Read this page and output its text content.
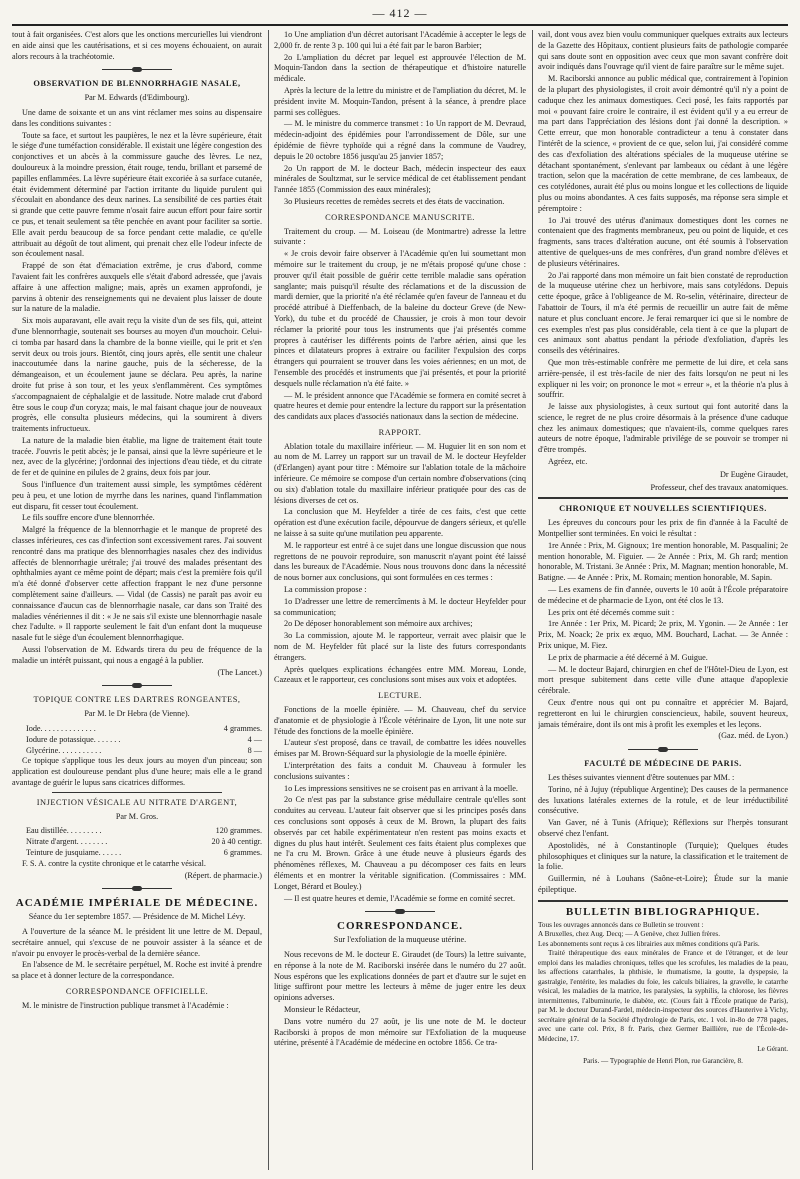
— 412 —

tout à fait organisées. C'est alors que les onctions mercurielles lui viendront en aide ainsi que les cautérisations, et si ces moyens échouaient, on aurait alors recours à la trachéotomie.

OBSERVATION DE BLENNORRHAGIE NASALE,
Par M. Edwards (d'Edimbourg).

Une dame de soixante et un ans vint réclamer mes soins au dispensaire dans les conditions suivantes :

Toute sa face, et surtout les paupières, le nez et la lèvre supérieure, était le siége d'une tuméfaction considérable. Il existait une légère congestion des conjonctives et un abcès à la commissure gauche des lèvres. Le nez, douloureux à la moindre pression, était rouge, tendu, brillant et parsemé de papilles enflammées. La lèvre supérieure était excoriée à sa surface cutanée, était évidemment déterminé par l'action irritante du liquide purulent qui s'écoulait en abondance des deux narines. La sensibilité de ces parties était si grande que cette pauvre femme n'osait faire aucun effort pour faire sortir ce pus, et tenait seulement sa tête penchée en avant pour faciliter sa sortie. Elle avait perdu beaucoup de sa force pendant cette maladie, ce qu'elle attribuait au dégoût de tout aliment, qui prenait chez elle l'odeur infecte de son écoulement nasal.

Frappé de son état d'émaciation extrême, je crus d'abord, comme l'avaient fait les confrères auxquels elle s'était d'abord adressée, que j'avais affaire à une affection maligne; mais, après un examen approfondi, je parvins à obtenir des renseignements qui ne devaient plus laisser de doute sur la nature de la maladie.

Six mois auparavant, elle avait reçu la visite d'un de ses fils, qui, atteint d'une blennorrhagie, soutenait ses bourses au moyen d'un mouchoir. Celui-ci tomba par hasard dans la chambre de la bonne vieille, qui le prit et s'en servit deux ou trois jours. Bientôt, cinq jours après, elle sentit une chaleur inaccoutumée dans la narine gauche, puis de la sécheresse, de la démangeaison, et un écoulement jaune se déclara. Peu après, la narine droite fut prise à son tour, et les yeux s'enflammèrent. Ces symptômes s'accompagnaient de céphalalgie et de lassitude. Notre malade crut d'abord être sous le coup d'un coryza; mais, le mal faisant chaque jour de nouveaux progrès, elle consulta plusieurs médecins, qui la soumirent à divers traitements infructueux.

La nature de la maladie bien établie, ma ligne de traitement était toute tracée. J'ouvris le petit abcès; je le pansai, ainsi que la lèvre supérieure et le nez, avec de la glycérine; j'ordonnai des injections d'eau tiède, et du citrate de fer et de quinine en pilules de 2 grains, deux fois par jour.

Sous l'influence d'un traitement aussi simple, les symptômes cédèrent peu à peu, et une lotion de myrrhe dans les narines, quand l'inflammation eut disparu, fit cesser tout écoulement.

Le fils souffre encore d'une blennorrhée.

Malgré la fréquence de la blennorrhagie et le manque de propreté des classes inférieures, ces cas d'infection sont excessivement rares. J'ai souvent rencontré dans ma pratique des blennorrhagies nasales chez des individus affectés de blennorrhagie urétrale; j'ai trouvé des malades présentant des ophthalmies ayant ce même point de départ; mais c'est la première fois qu'il m'a été donné d'observer cette affection frappant le nez d'une personne complètement saine d'ailleurs. — Vidal (de Cassis) ne paraît pas avoir eu connaissance d'aucun cas de blennorrhagie nasale, car dans son Traité des maladies vénériennes il dit : « Je ne sais s'il existe une blennorrhagie nasale chez l'adulte. » Il rapporte seulement le fait d'un enfant dont la muqueuse nasale fut le siège d'un écoulement blennorrhagique.

Aussi l'observation de M. Edwards tirera du peu de fréquence de la maladie un intérêt puissant, qui nous a engagé à la publier.

(The Lancet.)
TOPIQUE CONTRE LES DARTRES RONGEANTES,
Par M. le Dr Hebra (de Vienne).
Iode. . . . . . . . . . . . . .	4 grammes.
Iodure de potassique. . . . . . .	4 —
Glycérine. . . . . . . . . . .	8 —

Ce topique s'applique tous les deux jours au moyen d'un pinceau; son application est douloureuse pendant plus d'une heure; mais elle a le grand avantage de guérir le lupus sans cicatrices difformes.

INJECTION VÉSICALE AU NITRATE D'ARGENT,
Par M. Gros.
Eau distillée. . . . . . . . .	120 grammes.
Nitrate d'argent. . . . . . . .	20 à 40 centigr.
Teinture de jusquiame. . . . . .	6 grammes.

F. S. A. contre la cystite chronique et le catarrhe vésical.

(Répert. de pharmacie.)
ACADÉMIE IMPÉRIALE DE MÉDECINE.
Séance du 1er septembre 1857. — Présidence de M. Michel Lévy.

A l'ouverture de la séance M. le président lit une lettre de M. Depaul, secrétaire annuel, qui s'excuse de ne pouvoir assister à la séance et de n'avoir pu envoyer le procès-verbal de la dernière séance.

En l'absence de M. le secrétaire perpétuel, M. Roche est invité à prendre sa place et à donner lecture de la correspondance.

CORRESPONDANCE OFFICIELLE.

M. le ministre de l'instruction publique transmet à l'Académie :

1o Une ampliation d'un décret autorisant l'Académie à accepter le legs de 2,000 fr. de rente 3 p. 100 qui lui a été fait par le baron Barbier;

2o L'ampliation du décret par lequel est approuvée l'élection de M. Moquin-Tandon dans la section de thérapeutique et d'histoire naturelle médicale.

Après la lecture de la lettre du ministre et de l'ampliation du décret, M. le président invite M. Moquin-Tandon, présent à la séance, à prendre place parmi ses collègues.

— M. le ministre du commerce transmet : 1o Un rapport de M. Devraud, médecin-adjoint des épidémies pour l'arrondissement de Dôle, sur une épidémie de fièvre typhoïde qui a régné dans la commune de Vaudrey, depuis le 20 octobre 1856 jusqu'au 25 janvier 1857;

2o Un rapport de M. le docteur Bach, médecin inspecteur des eaux minérales de Soultzmat, sur le service médical de cet établissement pendant l'année 1855 (Commission des eaux minérales);

3o Plusieurs recettes de remèdes secrets et des états de vaccination.

CORRESPONDANCE MANUSCRITE.

Traitement du croup. — M. Loiseau (de Montmartre) adresse la lettre suivante :

« Je crois devoir faire observer à l'Académie qu'en lui soumettant mon mémoire sur le traitement du croup, je ne m'étais proposé qu'une chose : prouver qu'il était possible de guérir cette terrible maladie sans opération sanglante; mais puisqu'il résulte des réclamations et de la discussion de mardi dernier, que la priorité n'a été réclamée qu'en faveur de l'anneau et du procédé attribué à Dieffenbach, de la baleine du docteur Greve (de New-York), du tube et du procédé de Chaussier, je crois à mon tour devoir réclamer la priorité pour tous les instruments que j'ai présentés comme propres à cautériser les différents points de l'arbre aérien, ainsi que les pinces et dilatateurs propres à extraire ou faciliter l'expulsion des corps étrangers qui pourraient se trouver dans les voies aériennes; en un mot, de l'ensemble des procédés et instruments que j'ai présentés, et pour la priorité desquels nulle réclamation n'a été faite. »

— M. le président annonce que l'Académie se formera en comité secret à quatre heures et demie pour entendre la lecture du rapport sur la présentation des candidats aux places d'associés nationaux dans la section de médecine.

RAPPORT.

Ablation totale du maxillaire inférieur. — M. Huguier lit en son nom et au nom de M. Larrey un rapport sur un travail de M. le docteur Heyfelder (d'Erlangen) ayant pour titre : Mémoire sur l'ablation totale de la mâchoire inférieure. Ce mémoire se compose d'un certain nombre d'observations (cinq ou six) d'ablation totale du maxillaire inférieur pratiquée pour des cas de lésions diverses de cet os.

La conclusion que M. Heyfelder a tirée de ces faits, c'est que cette opération est d'une exécution facile, dépourvue de dangers sérieux, et qu'elle ne laisse à sa suite qu'une mutilation peu apparente.

M. le rapporteur est entré à ce sujet dans une longue discussion que nous regrettons de ne pouvoir reproduire, son manuscrit n'ayant point été laissé dans les bureaux de l'Académie. Nous nous trouvons donc dans la nécessité de nous borner aux conclusions, qui sont formulées en ces termes :

La commission propose :

1o D'adresser une lettre de remercîments à M. le docteur Heyfelder pour sa communication;

2o De déposer honorablement son mémoire aux archives;

3o La commission, ajoute M. le rapporteur, verrait avec plaisir que le nom de M. Heyfelder fût placé sur la liste des futurs correspondants étrangers.

Après quelques explications échangées entre MM. Moreau, Londe, Cazeaux et le rapporteur, ces conclusions sont mises aux voix et adoptées.

LECTURE.

Fonctions de la moelle épinière. — M. Chauveau, chef du service d'anatomie et de physiologie à l'École vétérinaire de Lyon, lit une note sur l'étude des fonctions de la moelle épinière.

L'auteur s'est proposé, dans ce travail, de combattre les idées nouvelles émises par M. Brown-Séquard sur la physiologie de la moelle épinière.

L'interprétation des faits a conduit M. Chauveau à formuler les conclusions suivantes :

1o Les impressions sensitives ne se croisent pas en arrivant à la moelle.

2o Ce n'est pas par la substance grise médullaire centrale qu'elles sont conduites au cerveau. L'auteur fait observer que si les principes posés dans ces conclusions sont opposés à ceux de M. Brown, la plupart des faits observés par cet habile expérimentateur n'en restent pas moins exacts et dignes du plus haut intérêt. Seulement ces faits étaient plus complexes que ne l'a cru M. Brown. Grâce à une étude neuve à plusieurs égards des phénomènes réflexes, M. Chauveau a pu décomposer ces faits en leurs éléments et en montrer la véritable signification. (Commissaires : MM. Longet, Bérard et Bouley.)

— Il est quatre heures et demie, l'Académie se forme en comité secret.

CORRESPONDANCE.
Sur l'exfoliation de la muqueuse utérine.

Nous recevons de M. le docteur E. Giraudet (de Tours) la lettre suivante, en réponse à la note de M. Raciborski insérée dans le numéro du 27 août. Nous espérons que les explications données de part et d'autre sur le sujet en litige suffiront pour mettre les lecteurs à même de juger entre les deux opinions adverses.

Monsieur le Rédacteur,

Dans votre numéro du 27 août, je lis une note de M. le docteur Raciborski à propos de mon mémoire sur l'Exfoliation de la muqueuse utérine, présenté à l'Académie de médecine en octobre 1856. Ce tra-

vail, dont vous avez bien voulu communiquer quelques extraits aux lecteurs de la Gazette des Hôpitaux, contient plusieurs faits de pathologie comparée qui sans doute sont en opposition avec ceux que mon savant confrère doit avoir indiqués dans l'ouvrage qu'il vient de faire paraître sur le même sujet.

M. Raciborski annonce au public médical que, contrairement à l'opinion de la plupart des physiologistes, il croit avoir démontré qu'il n'y a point de caduque chez les animaux domestiques. Ceci posé, les faits rapportés par moi « pouvant faire croire le contraire, il est évident qu'il y a eu erreur de ma part dans l'appréciation des lésions dont j'ai donné la description. » Cette erreur, que mon honorable contradicteur a tenu à constater dans l'intérêt de la science, « provient de ce que, selon lui, j'ai considéré comme des cas d'exfoliation des altérations spéciales de la muqueuse utérine se détachant spontanément, s'enlevant par lambeaux ou cédant à une légère traction, selon que la macération de cette membrane, de ces lambeaux, de ces cotylédones, aurait été plus ou moins longue et les collections de liquide plus ou moins abondantes. A ces faits supposés, ma réponse sera simple et péremptoire :

1o J'ai trouvé des utérus d'animaux domestiques dont les cornes ne contenaient que des fragments membraneux, peu ou point de liquide, et ces fragments, sans traces d'altération aucune, ont été soumis à l'observation attentive de quelques-uns de mes confrères, d'un grand nombre d'élèves et de plusieurs vétérinaires.

2o J'ai rapporté dans mon mémoire un fait bien constaté de reproduction de la muqueuse utérine chez un herbivore, mais sans cotylédons. Depuis cette époque, grâce à l'obligeance de M. Ro-selin, vétérinaire, directeur de l'abattoir de Tours, il m'a été permis de recueillir un autre fait de même nature et plus concluant encore. Je ferai remarquer ici que si le nombre de ces exemples n'est pas plus considérable, cela tient à ce que la plupart de ces animaux sont abattus pendant la période d'exfoliation, d'après les conseils des vétérinaires.

Que mon très-estimable confrère me permette de lui dire, et cela sans arrière-pensée, il est très-facile de nier des faits lorsqu'on ne peut ni les expliquer ni les voir; on prononce le mot « erreur », et la théorie n'a plus à souffrir.

Je laisse aux physiologistes, à ceux surtout qui font autorité dans la science, le regret de ne plus croire désormais à la présence d'une caduque chez les animaux domestiques; que n'avaient-ils, comme quelques rares auteurs de notre époque, l'admirable privilége de se pouvoir se tromper ni d'être trompés.

Agréez, etc.

Dr Eugène Giraudet,
Professeur, chef des travaux anatomiques.
CHRONIQUE ET NOUVELLES SCIENTIFIQUES.

Les épreuves du concours pour les prix de fin d'année à la Faculté de Montpellier sont terminées. En voici le résultat :

1re Année : Prix, M. Gignoux; 1re mention honorable, M. Pasqualini; 2e mention honorable, M. Figuier. — 2e Année : Prix, M. Gh rard; mention honorable, M. Tristani. 3e Année : Prix, M. Magnan; mention honorable, M. Batigne. — 4e Année : Prix, M. Romain; mention honorable, M. Sapin.

— Les examens de fin d'année, ouverts le 10 août à l'École préparatoire de médecine et de pharmacie de Lyon, ont été clos le 13.

Les prix ont été décernés comme suit :

1re Année : 1er Prix, M. Picard; 2e prix, M. Ygonin. — 2e Année : 1er Prix, M. Noack; 2e prix ex æquo, MM. Bouchard, Lachat. — 3e Année : Prix unique, M. Fiez.

Le prix de pharmacie a été décerné à M. Guigue.

— M. le docteur Bajard, chirurgien en chef de l'Hôtel-Dieu de Lyon, est mort presque subitement dans cette ville d'une attaque d'apoplexie cérébrale.

Ceux d'entre nous qui ont pu connaître et apprécier M. Bajard, regretteront en lui le chirurgien consciencieux, habile, souvent heureux, jamais téméraire, dont ils ont mis à profit les exemples et les leçons.

(Gaz. méd. de Lyon.)
FACULTÉ DE MÉDECINE DE PARIS.

Les thèses suivantes viennent d'être soutenues par MM. :

Torino, né à Jujuy (république Argentine); Des causes de la permanence des luxations latérales externes de la rotule, et de leur irréductibilité consécutive.

Van Gaver, né à Tunis (Afrique); Réflexions sur l'herpès tonsurant observé chez l'enfant.

Apostolidès, né à Constantinople (Turquie); Quelques études philosophiques et cliniques sur la nature, la classification et le traitement de la folie.

Guillermin, né à Louhans (Saône-et-Loire); Étude sur la manie épileptique.

BULLETIN BIBLIOGRAPHIQUE.
Tous les ouvrages annoncés dans ce Bulletin se trouvent :
A Bruxelles, chez Aug. Decq; — A Genève, chez Jullien frères.
Les abonnements sont reçus à ces librairies aux mêmes conditions qu'à Paris.

Traité thérapeutique des eaux minérales de France et de l'étranger, et de leur emploi dans les maladies chroniques, telles que les scrofules, les maladies de la peau, les affections catarrhales, la phthisie, le rhumatisme, la goutte, la dyspepsie, la gastralgie, l'entérite, les maladies du foie, les calculs biliaires, la gravelle, le catarrhe vésical, les maladies de la matrice, les paralysies, la syphilis, la chlorose, les fièvres intermittentes, l'albuminurie, le diabète, etc. (Cours fait à l'École pratique de Paris), par M. le docteur Durand-Fardel, médecin-inspecteur des sources d'Hauterive à Vichy, secrétaire général de la Société d'hydrologie de Paris, etc. 1 vol. in-8o de 778 pages, avec une carte col. Prix, 8 fr. Paris, chez Germer Baillière, rue de l'École-de-Médecine, 17.

Le Gérant.
Paris. — Typographie de Henri Plon, rue Garancière, 8.
